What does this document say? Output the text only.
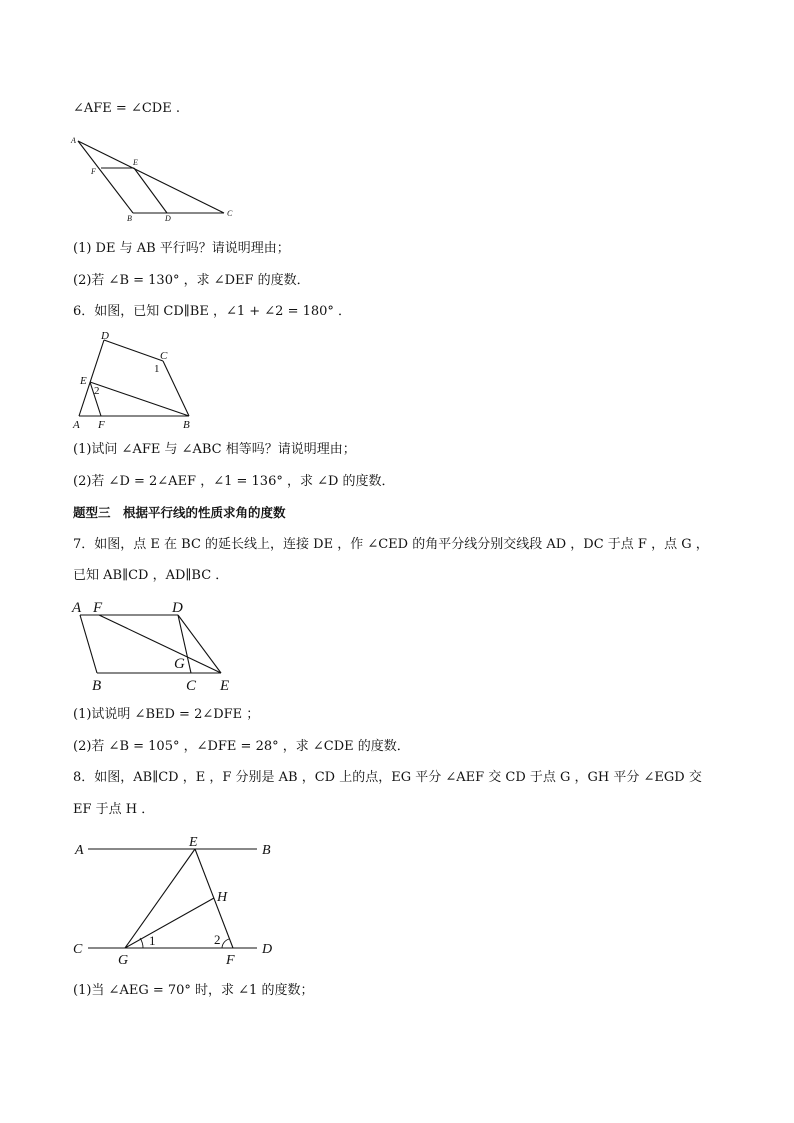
∠AFE = ∠CDE .
A
E
F
B	D
C
(1) DE 与 AB 平行吗？请说明理由；
(2)若 ∠B = 130° ，求 ∠DEF 的度数．
6．如图，已知 CD∥BE ，∠1 + ∠2 = 180° ．
D
C
1
E
2
A F	B
(1)试问 ∠AFE 与 ∠ABC 相等吗？请说明理由；
(2)若 ∠D = 2∠AEF ，∠1 = 136° ，求 ∠D 的度数．
题型三　根据平行线的性质求角的度数
7．如图，点 E 在 BC 的延长线上，连接 DE ，作 ∠CED 的角平分线分别交线段 AD ，DC 于点 F ，点 G ，
已知 AB∥CD ，AD∥BC ．
A F	D
G
B	C E
(1)试说明 ∠BED = 2∠DFE ；
(2)若 ∠B = 105° ，∠DFE = 28° ，求 ∠CDE 的度数．
8．如图，AB∥CD ，E ，F 分别是 AB ，CD 上的点，EG 平分 ∠AEF 交 CD 于点 G ，GH 平分 ∠EGD 交
EF 于点 H ．
A
E
B
H
C
1	2
D
G	F
(1)当 ∠AEG = 70° 时，求 ∠1 的度数；
